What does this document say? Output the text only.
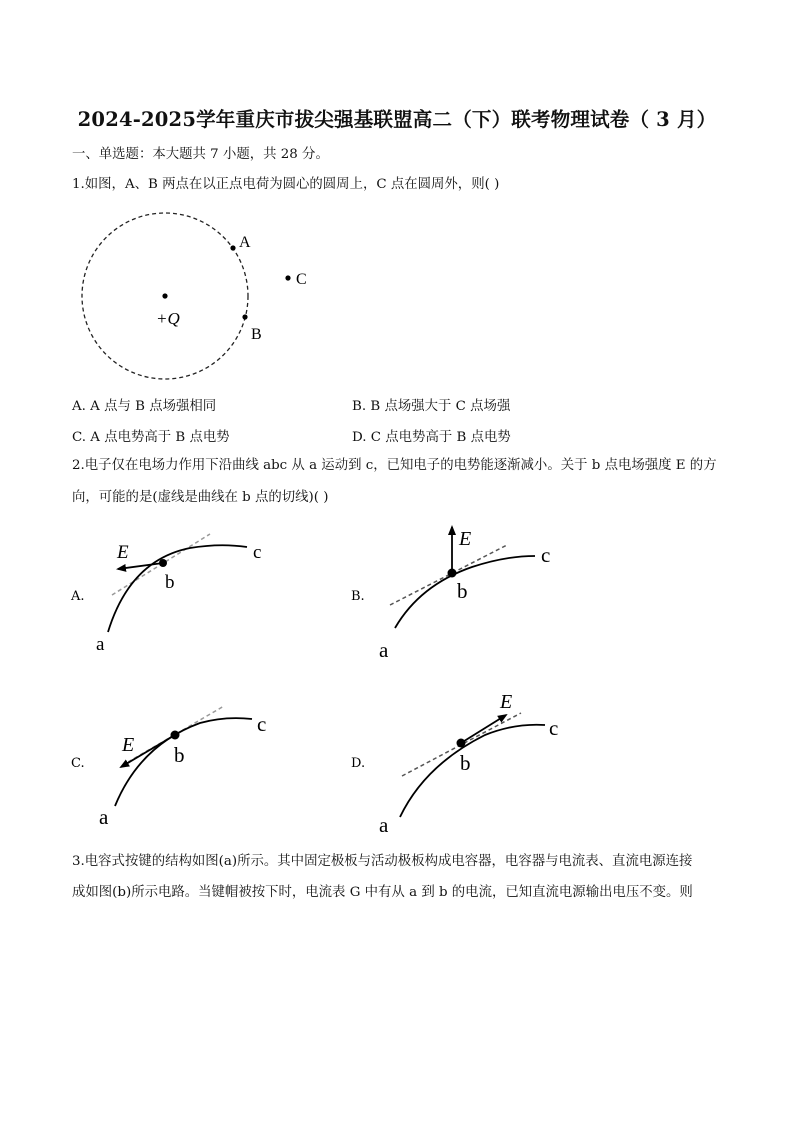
2024-2025学年重庆市拔尖强基联盟高二（下）联考物理试卷（ 3 月）
一、单选题：本大题共 7 小题，共 28 分。
1.如图，A、B 两点在以正点电荷为圆心的圆周上，C 点在圆周外，则( )
A
B
C
+Q
A. A 点与 B 点场强相同	B. B 点场强大于 C 点场强
C. A 点电势高于 B 点电势	D. C 点电势高于 B 点电势
2.电子仅在电场力作用下沿曲线 abc 从 a 运动到 c，已知电子的电势能逐渐减小。关于 b 点电场强度 E 的方
向，可能的是(虚线是曲线在 b 点的切线)( )
A.
E
b
c
a
B.
E
b
c
a
C.
E b
c
a
D.
E
b
c
a
3.电容式按键的结构如图(a)所示。其中固定极板与活动极板构成电容器，电容器与电流表、直流电源连接
成如图(b)所示电路。当键帽被按下时，电流表 G 中有从 a 到 b 的电流，已知直流电源输出电压不变。则
